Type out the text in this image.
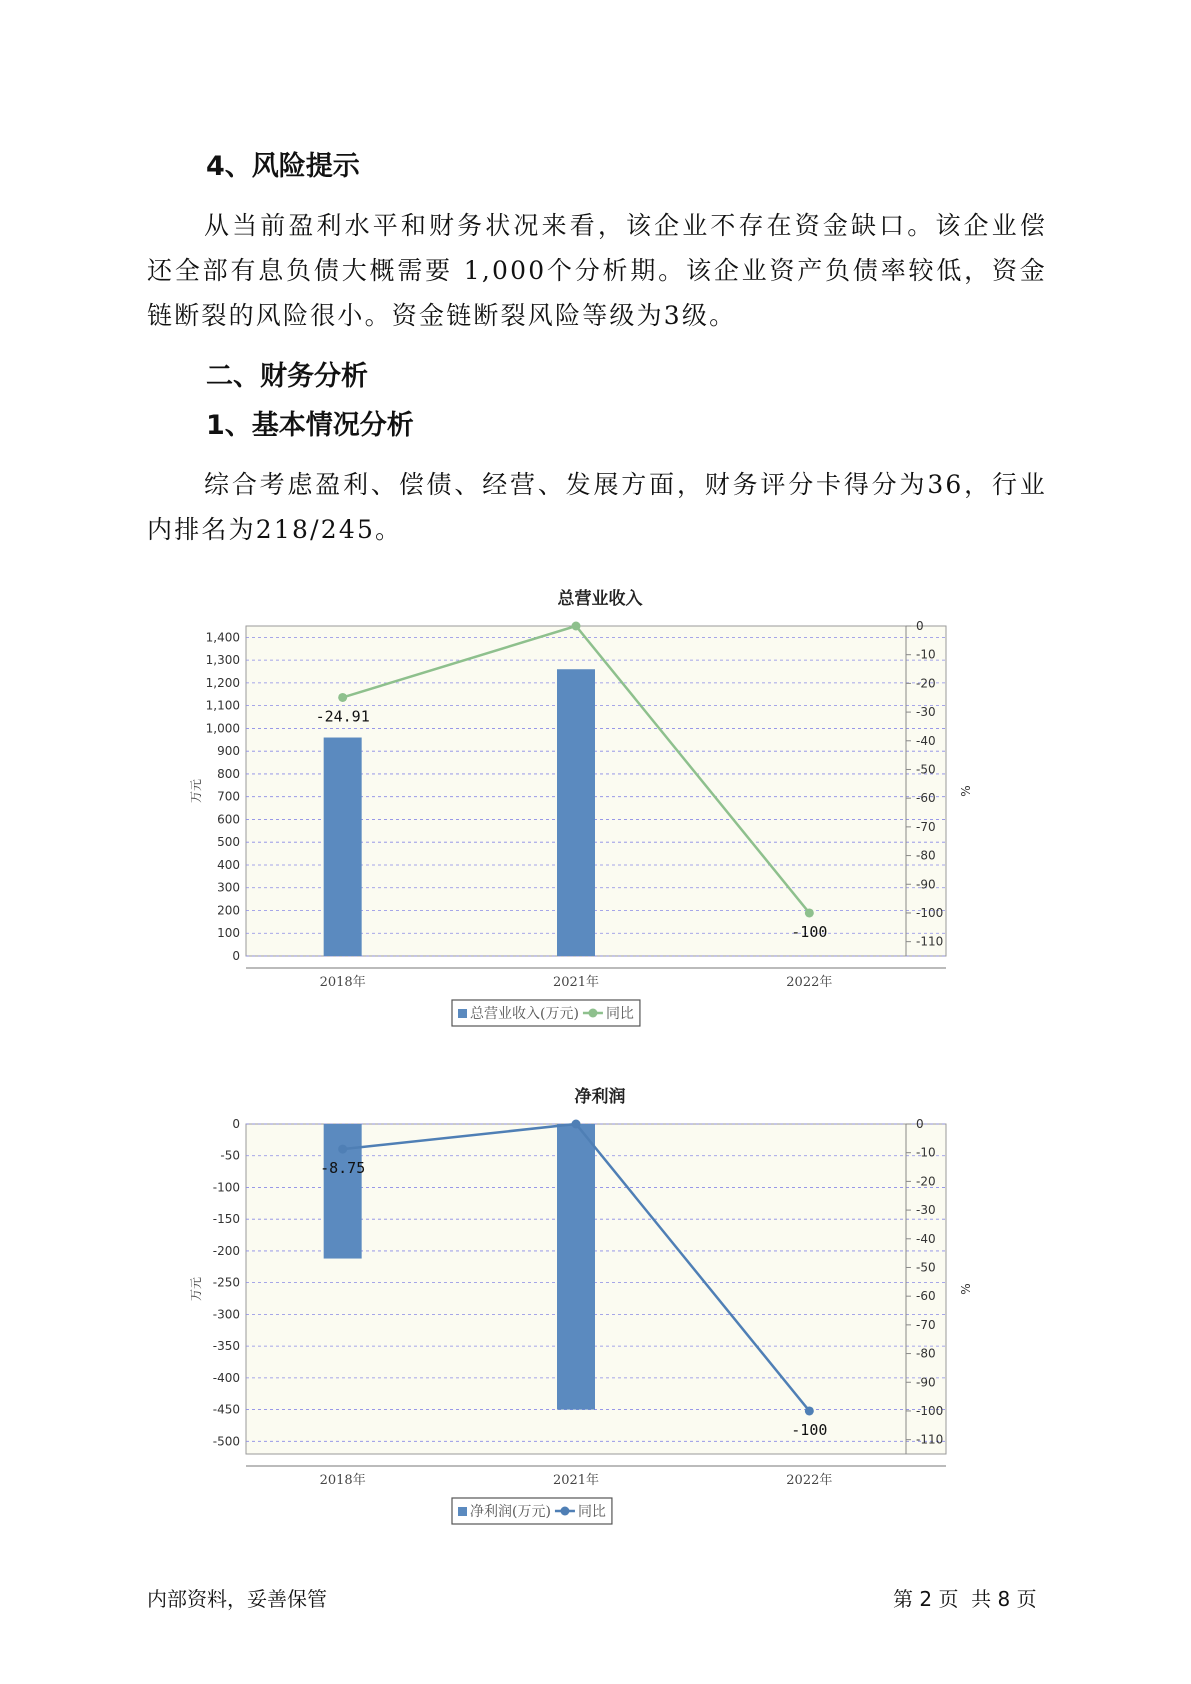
4、风险提示

从当前盈利水平和财务状况来看，该企业不存在资金缺口。该企业偿还全部有息负债大概需要 1,000个分析期。该企业资产负债率较低，资金链断裂的风险很小。资金链断裂风险等级为3级。

二、财务分析
1、基本情况分析

综合考虑盈利、偿债、经营、发展方面，财务评分卡得分为36，行业内排名为218/245。

总营业收入
0
100
200
300
400
500
600
700
800
900
1,000
1,100
1,200
1,300
1,400
0
-10
-20
-30
-40
-50
-60
-70
-80
-90
-100
-110
万元	%
2018年	2021年	2022年
-24.91
-100
总营业收入(万元) 同比
净利润
0
-50
-100
-150
-200
-250
-300
-350
-400
-450
-500
0
-10
-20
-30
-40
-50
-60
-70
-80
-90
-100
-110
万元	%
2018年	2021年	2022年
-8.75
-100
净利润(万元) 同比
内部资料，妥善保管	第 2 页  共 8 页
